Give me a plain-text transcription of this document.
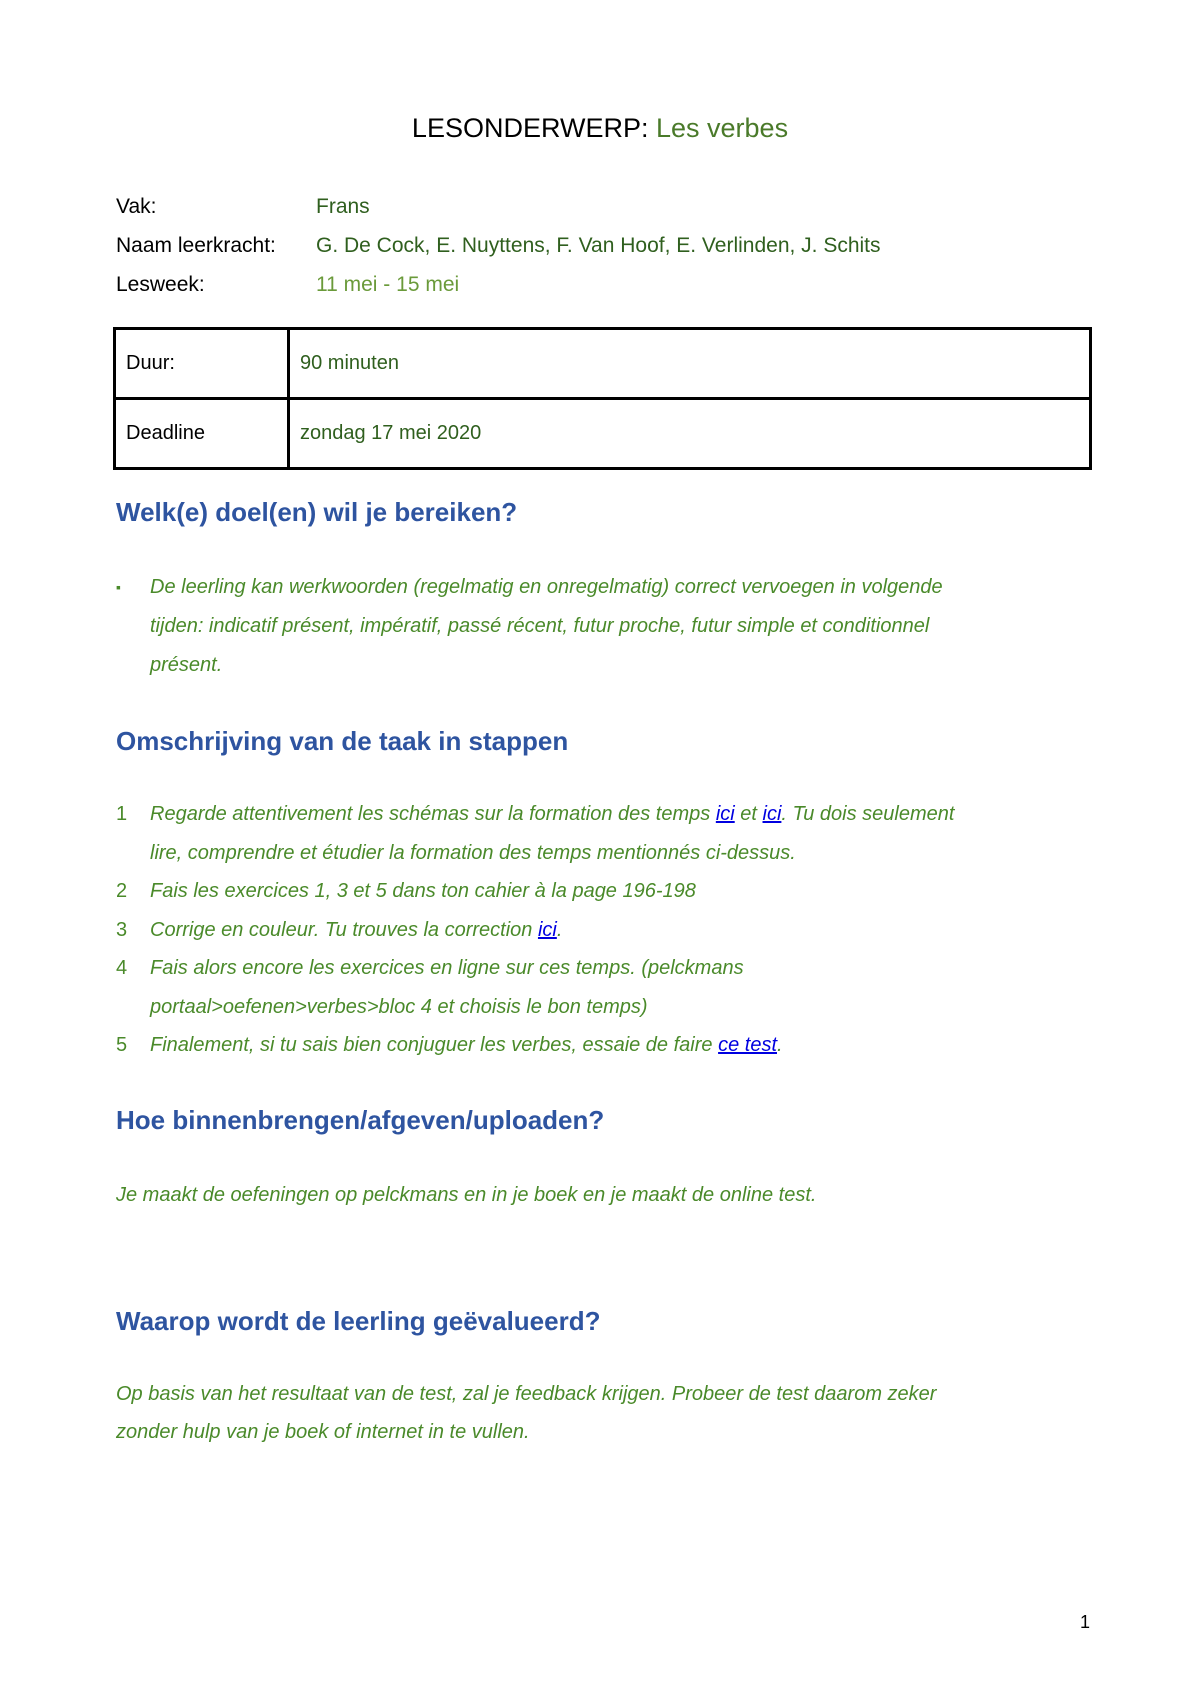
LESONDERWERP: Les verbes
Vak:	Frans
Naam leerkracht:	G. De Cock, E. Nuyttens, F. Van Hoof, E. Verlinden, J. Schits
Lesweek:	11 mei - 15 mei
Duur:	90 minuten
Deadline	zondag 17 mei 2020
Welk(e) doel(en) wil je bereiken?
▪	De leerling kan werkwoorden (regelmatig en onregelmatig) correct vervoegen in volgende
tijden: indicatif présent, impératif, passé récent, futur proche, futur simple et conditionnel
présent.
Omschrijving van de taak in stappen
1	Regarde attentivement les schémas sur la formation des temps ici et ici. Tu dois seulement
lire, comprendre et étudier la formation des temps mentionnés ci-dessus.
2	Fais les exercices 1, 3 et 5 dans ton cahier à la page 196-198
3	Corrige en couleur. Tu trouves la correction ici.
4	Fais alors encore les exercices en ligne sur ces temps. (pelckmans
portaal>oefenen>verbes>bloc 4 et choisis le bon temps)
5	Finalement, si tu sais bien conjuguer les verbes, essaie de faire ce test.
Hoe binnenbrengen/afgeven/uploaden?
Je maakt de oefeningen op pelckmans en in je boek en je maakt de online test.
Waarop wordt de leerling geëvalueerd?
Op basis van het resultaat van de test, zal je feedback krijgen. Probeer de test daarom zeker
zonder hulp van je boek of internet in te vullen.
1
